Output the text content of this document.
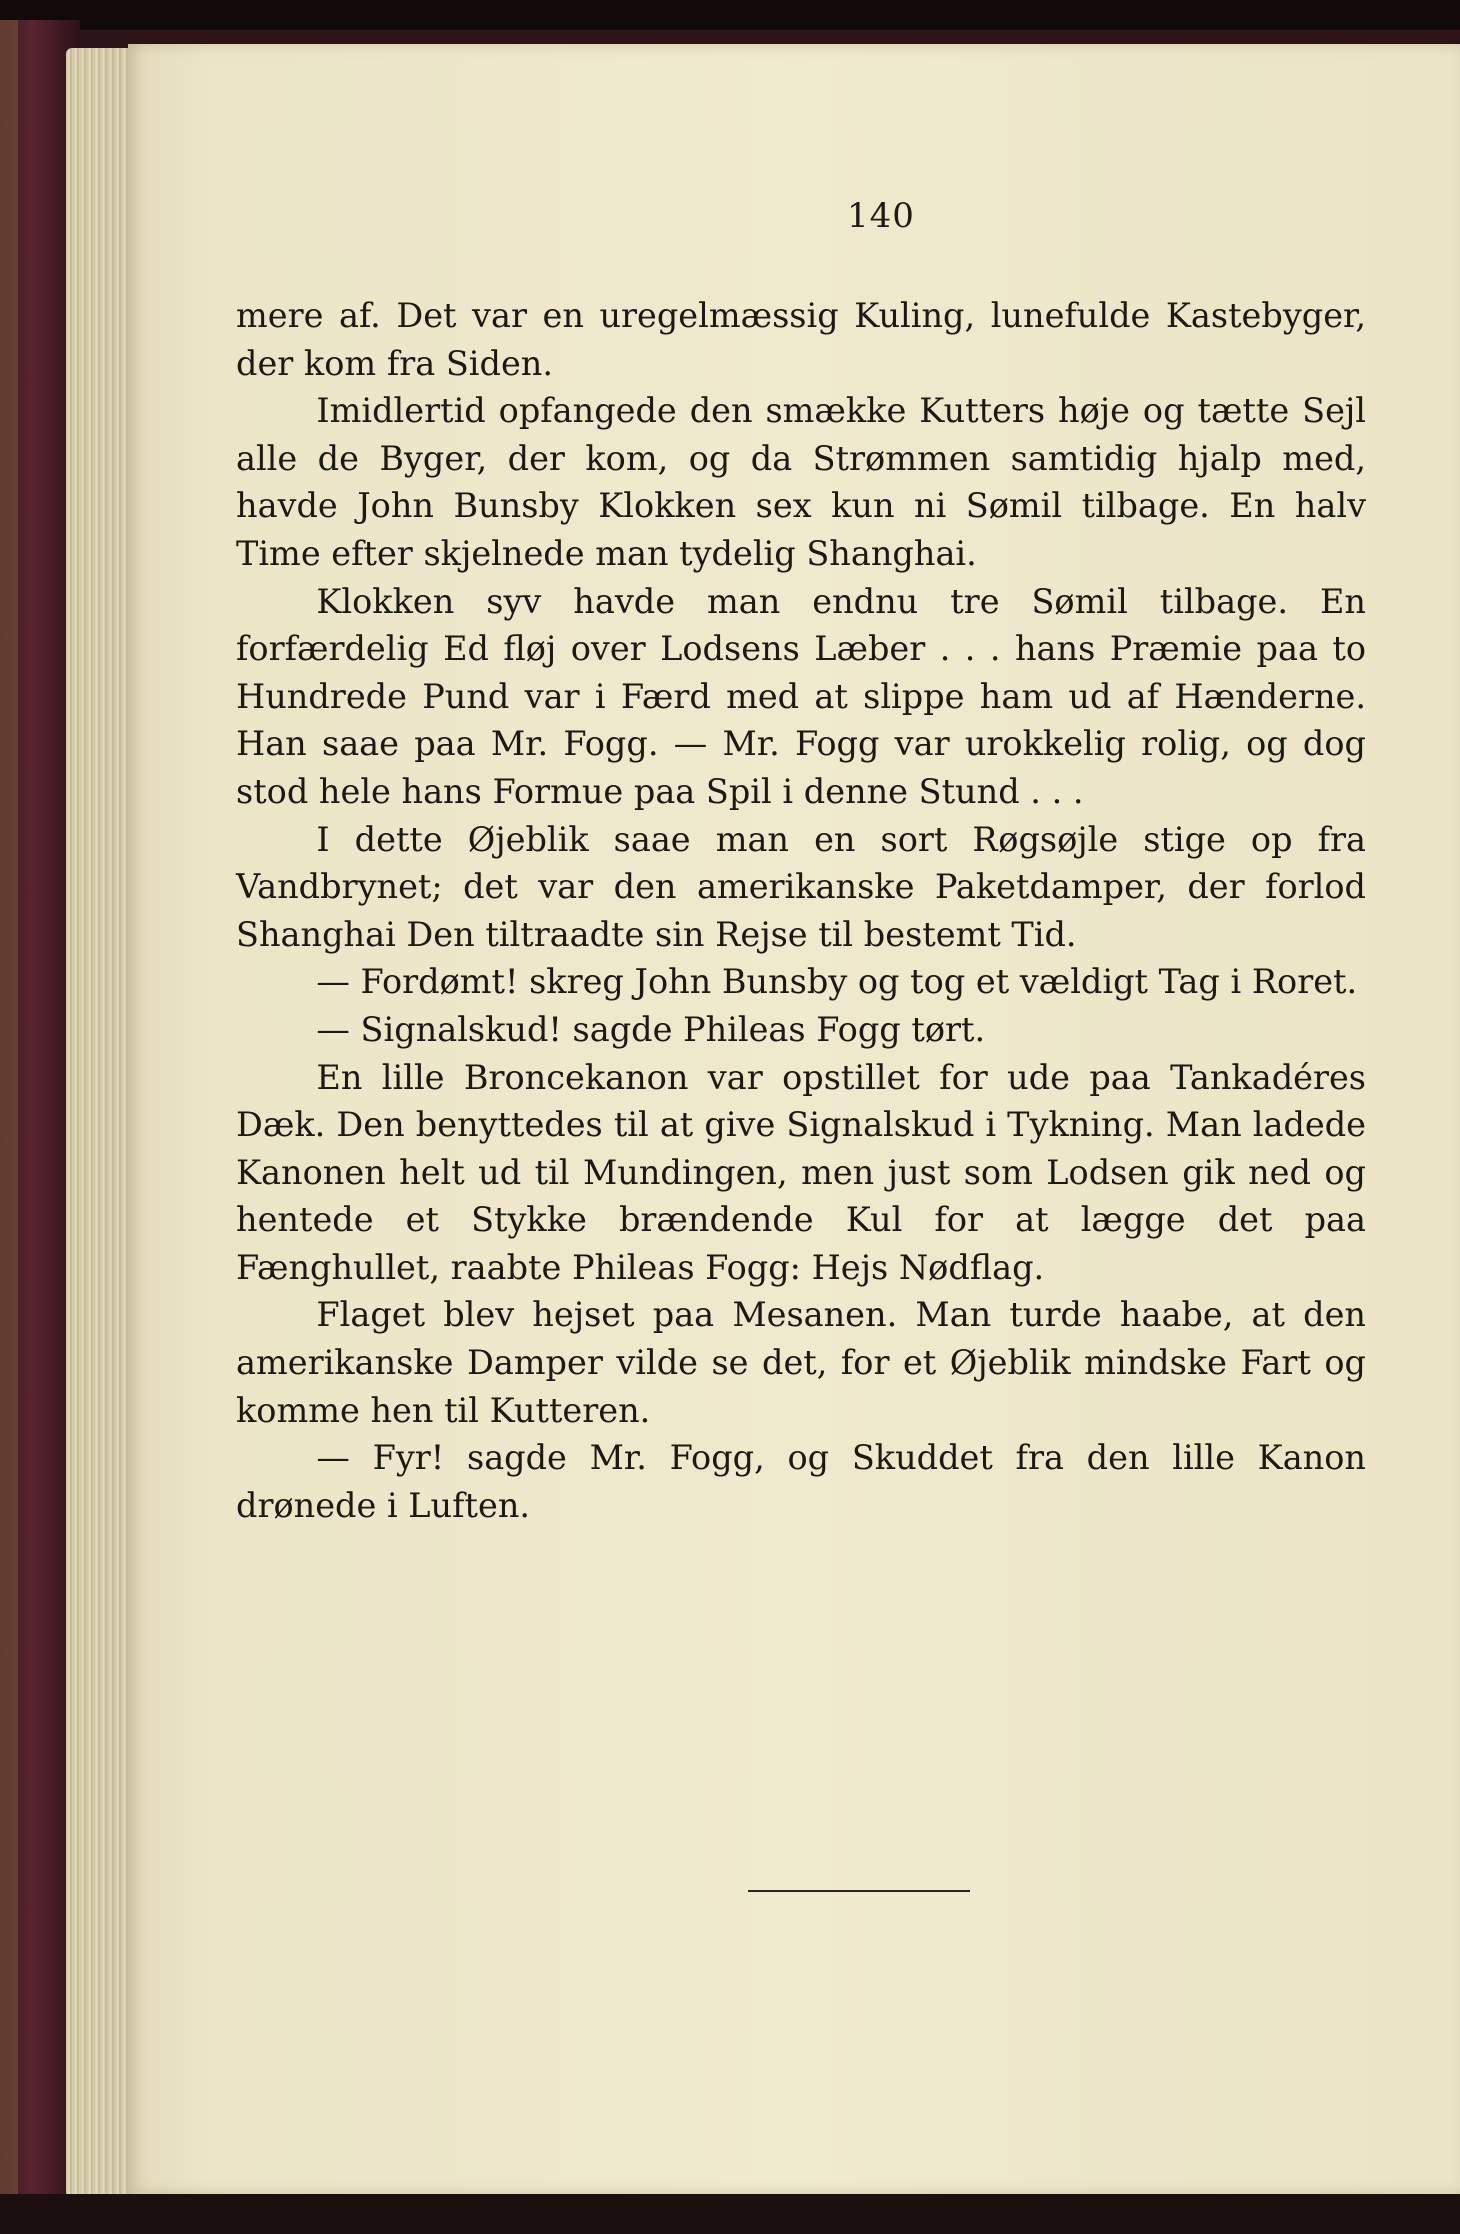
140

mere af. Det var en uregelmæssig Kuling, lunefulde Kastebyger, der kom fra Siden.

Imidlertid opfangede den smække Kutters høje og tætte Sejl alle de Byger, der kom, og da Strømmen samtidig hjalp med, havde John Bunsby Klokken sex kun ni Sømil tilbage. En halv Time efter skjelnede man tydelig Shanghai.

Klokken syv havde man endnu tre Sømil tilbage. En forfærdelig Ed fløj over Lodsens Læber . . . hans Præmie paa to Hundrede Pund var i Færd med at slippe ham ud af Hænderne. Han saae paa Mr. Fogg. — Mr. Fogg var urokkelig rolig, og dog stod hele hans Formue paa Spil i denne Stund . . .

I dette Øjeblik saae man en sort Røgsøjle stige op fra Vandbrynet; det var den amerikanske Paketdamper, der forlod Shanghai Den tiltraadte sin Rejse til bestemt Tid.

— Fordømt! skreg John Bunsby og tog et vældigt Tag i Roret.

— Signalskud! sagde Phileas Fogg tørt.

En lille Broncekanon var opstillet for ude paa Tankadéres Dæk. Den benyttedes til at give Signalskud i Tykning. Man ladede Kanonen helt ud til Mundingen, men just som Lodsen gik ned og hentede et Stykke brændende Kul for at lægge det paa Fænghullet, raabte Phileas Fogg: Hejs Nødflag.

Flaget blev hejset paa Mesanen. Man turde haabe, at den amerikanske Damper vilde se det, for et Øjeblik mindske Fart og komme hen til Kutteren.

— Fyr! sagde Mr. Fogg, og Skuddet fra den lille Kanon drønede i Luften.
